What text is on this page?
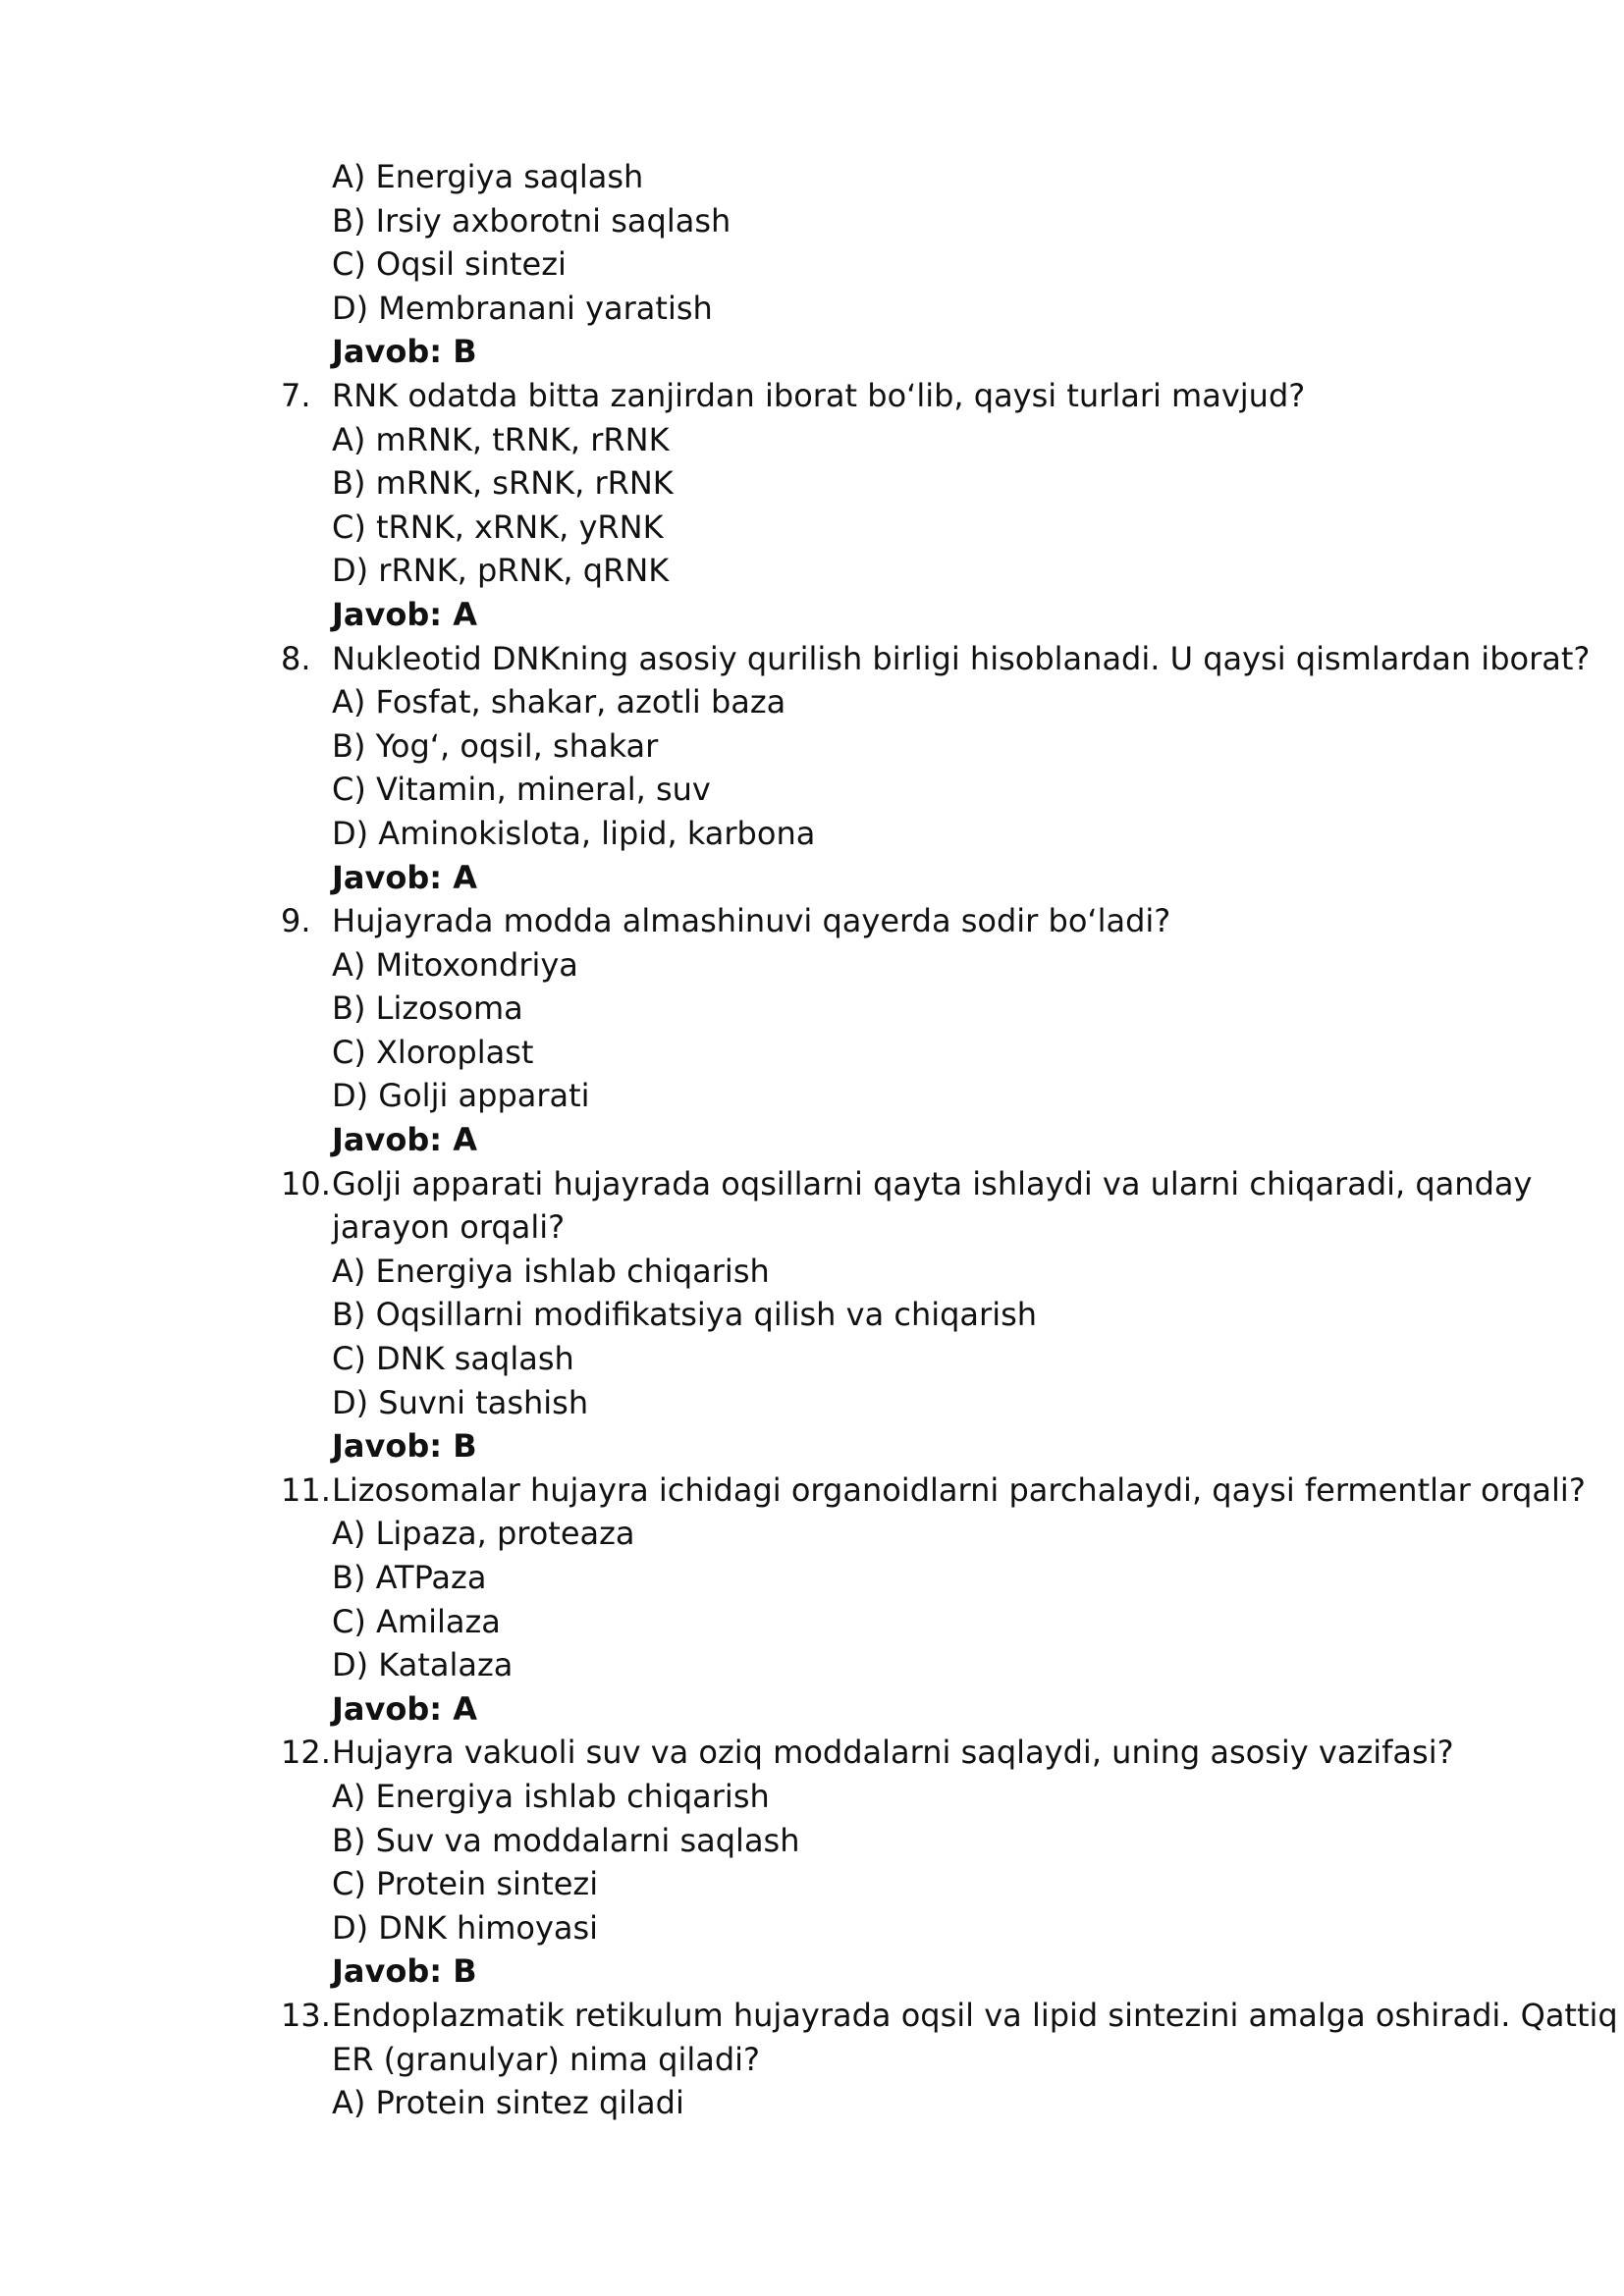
A) Energiya saqlash
B) Irsiy axborotni saqlash
C) Oqsil sintezi
D) Membranani yaratish
Javob: B
7. RNK odatda bitta zanjirdan iborat bo‘lib, qaysi turlari mavjud?
A) mRNK, tRNK, rRNK
B) mRNK, sRNK, rRNK
C) tRNK, xRNK, yRNK
D) rRNK, pRNK, qRNK
Javob: A
8. Nukleotid DNKning asosiy qurilish birligi hisoblanadi. U qaysi qismlardan iborat?
A) Fosfat, shakar, azotli baza
B) Yog‘, oqsil, shakar
C) Vitamin, mineral, suv
D) Aminokislota, lipid, karbona
Javob: A
9. Hujayrada modda almashinuvi qayerda sodir bo‘ladi?
A) Mitoxondriya
B) Lizosoma
C) Xloroplast
D) Golji apparati
Javob: A
10. Golji apparati hujayrada oqsillarni qayta ishlaydi va ularni chiqaradi, qanday
jarayon orqali?
A) Energiya ishlab chiqarish
B) Oqsillarni modifikatsiya qilish va chiqarish
C) DNK saqlash
D) Suvni tashish
Javob: B
11. Lizosomalar hujayra ichidagi organoidlarni parchalaydi, qaysi fermentlar orqali?
A) Lipaza, proteaza
B) ATPaza
C) Amilaza
D) Katalaza
Javob: A
12. Hujayra vakuoli suv va oziq moddalarni saqlaydi, uning asosiy vazifasi?
A) Energiya ishlab chiqarish
B) Suv va moddalarni saqlash
C) Protein sintezi
D) DNK himoyasi
Javob: B
13. Endoplazmatik retikulum hujayrada oqsil va lipid sintezini amalga oshiradi. Qattiq
ER (granulyar) nima qiladi?
A) Protein sintez qiladi
